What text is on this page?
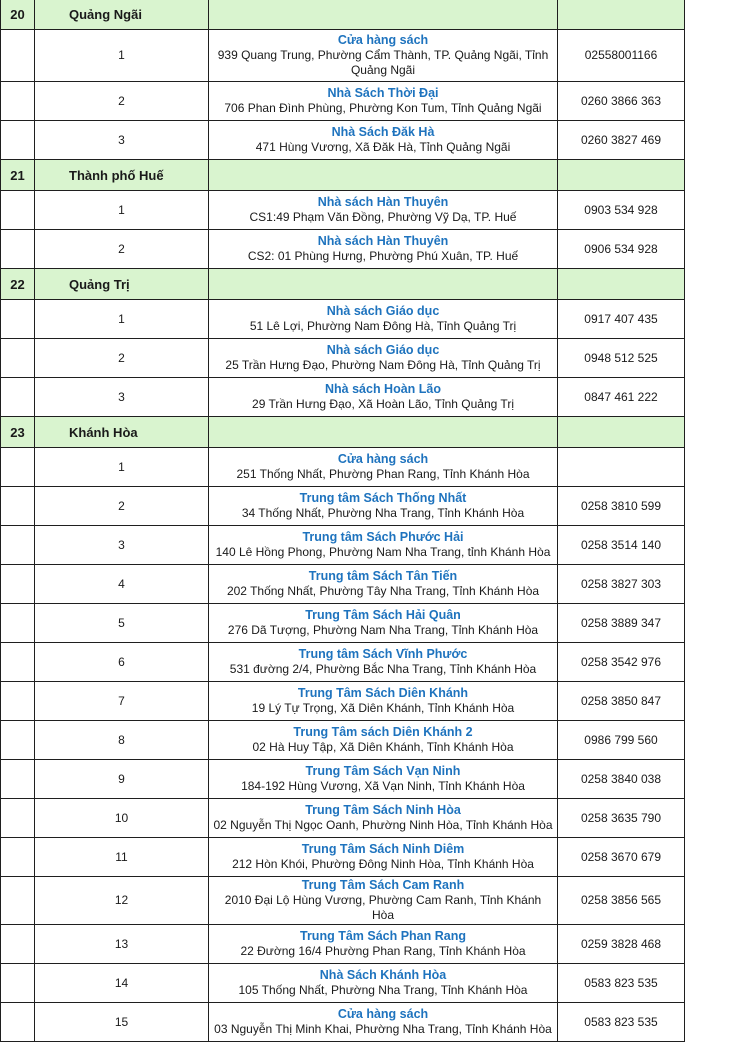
20	Quảng Ngãi			
	1	Cửa hàng sách
939 Quang Trung, Phường Cẩm Thành, TP. Quảng Ngãi, Tỉnh Quảng Ngãi	02558001166	
	2	Nhà Sách Thời Đại
706 Phan Đình Phùng, Phường Kon Tum, Tỉnh Quảng Ngãi	0260 3866 363	
	3	Nhà Sách Đăk Hà
471 Hùng Vương, Xã Đăk Hà, Tỉnh Quảng Ngãi	0260 3827 469	
21	Thành phố Huế			
	1	Nhà sách Hàn Thuyên
CS1:49 Phạm Văn Đồng, Phường Vỹ Dạ, TP. Huế	0903 534 928	
	2	Nhà sách Hàn Thuyên
CS2: 01 Phùng Hưng, Phường Phú Xuân, TP. Huế	0906 534 928	
22	Quảng Trị			
	1	Nhà sách Giáo dục
51 Lê Lợi, Phường Nam Đông Hà, Tỉnh Quảng Trị	0917 407 435	
	2	Nhà sách Giáo dục
25 Trần Hưng Đạo, Phường Nam Đông Hà, Tỉnh Quảng Trị	0948 512 525	
	3	Nhà sách Hoàn Lão
29 Trần Hưng Đạo, Xã Hoàn Lão, Tỉnh Quảng Trị	0847 461 222	
23	Khánh Hòa			
	1	Cửa hàng sách
251 Thống Nhất, Phường Phan Rang, Tỉnh Khánh Hòa		

	2	Trung tâm Sách Thống Nhất
34 Thống Nhất, Phường Nha Trang, Tỉnh Khánh Hòa	0258 3810 599	
	3	Trung tâm Sách Phước Hải
140 Lê Hồng Phong, Phường Nam Nha Trang, tỉnh Khánh Hòa	0258 3514 140	
	4	Trung tâm Sách Tân Tiến
202 Thống Nhất, Phường Tây Nha Trang, Tỉnh Khánh Hòa	0258 3827 303	
	5	Trung Tâm Sách Hải Quân
276 Dã Tượng, Phường Nam Nha Trang, Tỉnh Khánh Hòa	0258 3889 347	
	6	Trung tâm Sách Vĩnh Phước
531 đường 2/4, Phường Bắc Nha Trang, Tỉnh Khánh Hòa	0258 3542 976	
	7	Trung Tâm Sách Diên Khánh
19 Lý Tự Trọng, Xã Diên Khánh, Tỉnh Khánh Hòa	0258 3850 847	
	8	Trung Tâm sách Diên Khánh 2
02 Hà Huy Tập, Xã Diên Khánh, Tỉnh Khánh Hòa	0986 799 560	
	9	Trung Tâm Sách Vạn Ninh
184-192 Hùng Vương, Xã Vạn Ninh, Tỉnh Khánh Hòa	0258 3840 038	
	10	Trung Tâm Sách Ninh Hòa
02 Nguyễn Thị Ngọc Oanh, Phường Ninh Hòa, Tỉnh Khánh Hòa	0258 3635 790	
	11	Trung Tâm Sách Ninh Diêm
212 Hòn Khói, Phường Đông Ninh Hòa, Tỉnh Khánh Hòa	0258 3670 679	
	12	Trung Tâm Sách Cam Ranh
2010 Đại Lộ Hùng Vương, Phường Cam Ranh, Tỉnh Khánh Hòa	0258 3856 565	
	13	Trung Tâm Sách Phan Rang
22 Đường 16/4 Phường Phan Rang, Tỉnh Khánh Hòa	0259 3828 468	
	14	Nhà Sách Khánh Hòa
105 Thống Nhất, Phường Nha Trang, Tỉnh Khánh Hòa	0583 823 535	
	15	Cửa hàng sách
03 Nguyễn Thị Minh Khai, Phường Nha Trang, Tỉnh Khánh Hòa	0583 823 535	
